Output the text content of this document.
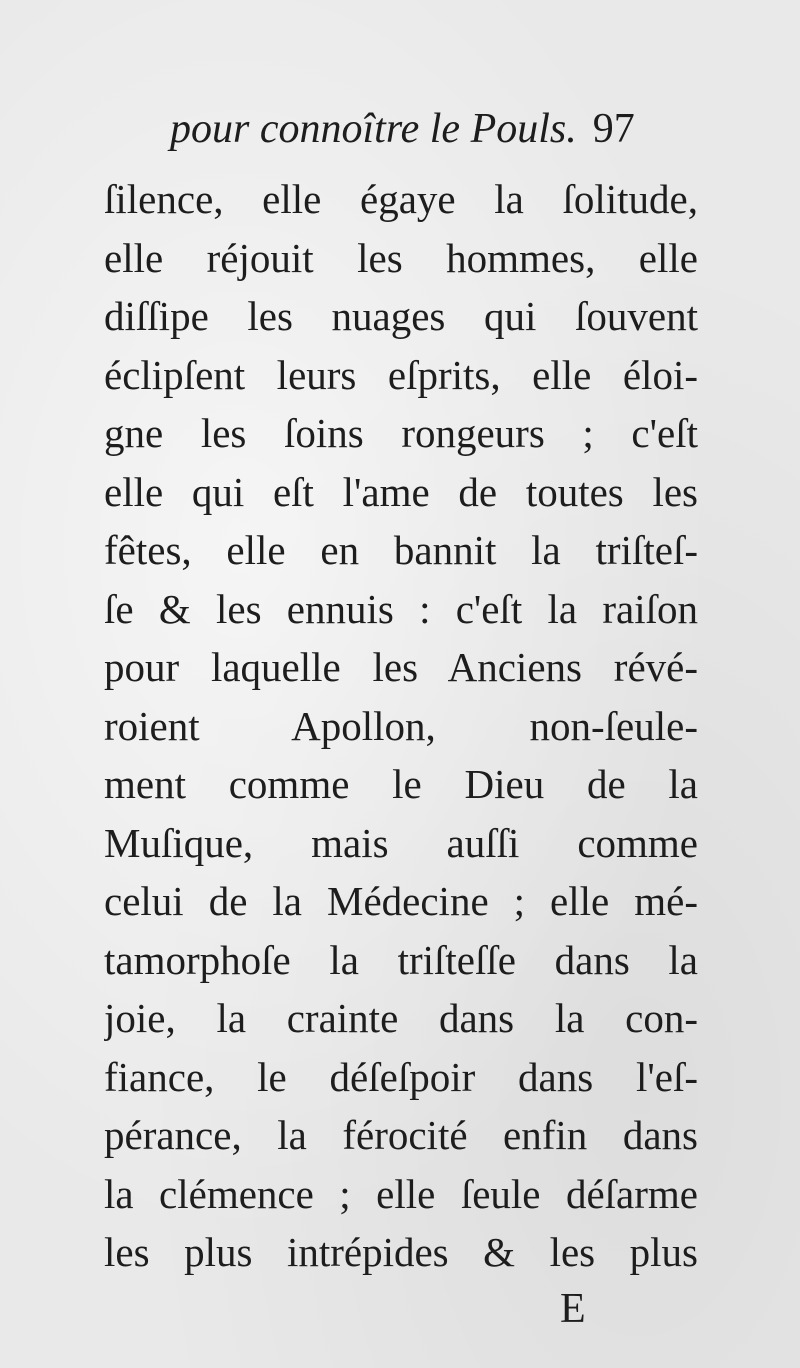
pour connoître le Pouls. 97
ſilence, elle égaye la ſolitude,
elle réjouit les hommes, elle
diſſipe les nuages qui ſouvent
éclipſent leurs eſprits, elle éloi-
gne les ſoins rongeurs ; c'eſt
elle qui eſt l'ame de toutes les
fêtes, elle en bannit la triſteſ-
ſe & les ennuis : c'eſt la raiſon
pour laquelle les Anciens révé-
roient Apollon, non-ſeule-
ment comme le Dieu de la
Muſique, mais auſſi comme
celui de la Médecine ; elle mé-
tamorphoſe la triſteſſe dans la
joie, la crainte dans la con-
fiance, le déſeſpoir dans l'eſ-
pérance, la férocité enfin dans
la clémence ; elle ſeule déſarme
les plus intrépides & les plus
E
